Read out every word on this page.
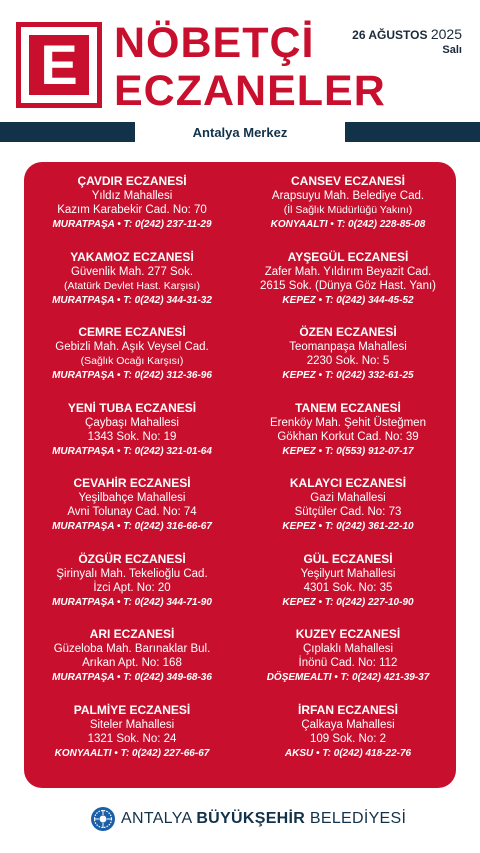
E NÖBETÇİ
ECZANELER
26 AĞUSTOS 2025
Salı
Antalya Merkez
ÇAVDIR ECZANESİ
Yıldız Mahallesi
Kazım Karabekir Cad. No: 70
MURATPAŞA • T: 0(242) 237-11-29
YAKAMOZ ECZANESİ
Güvenlik Mah. 277 Sok.
(Atatürk Devlet Hast. Karşısı)
MURATPAŞA • T: 0(242) 344-31-32
CEMRE ECZANESİ
Gebizli Mah. Aşık Veysel Cad.
(Sağlık Ocağı Karşısı)
MURATPAŞA • T: 0(242) 312-36-96
YENİ TUBA ECZANESİ
Çaybaşı Mahallesi
1343 Sok. No: 19
MURATPAŞA • T: 0(242) 321-01-64
CEVAHİR ECZANESİ
Yeşilbahçe Mahallesi
Avni Tolunay Cad. No: 74
MURATPAŞA • T: 0(242) 316-66-67
ÖZGÜR ECZANESİ
Şirinyalı Mah. Tekelioğlu Cad.
İzci Apt. No: 20
MURATPAŞA • T: 0(242) 344-71-90
ARI ECZANESİ
Güzeloba Mah. Barınaklar Bul.
Arıkan Apt. No: 168
MURATPAŞA • T: 0(242) 349-68-36
PALMİYE ECZANESİ
Siteler Mahallesi
1321 Sok. No: 24
KONYAALTI • T: 0(242) 227-66-67
CANSEV ECZANESİ
Arapsuyu Mah. Belediye Cad.
(İl Sağlık Müdürlüğü Yakını)
KONYAALTI • T: 0(242) 228-85-08
AYŞEGÜL ECZANESİ
Zafer Mah. Yıldırım Beyazit Cad.
2615 Sok. (Dünya Göz Hast. Yanı)
KEPEZ • T: 0(242) 344-45-52
ÖZEN ECZANESİ
Teomanpaşa Mahallesi
2230 Sok. No: 5
KEPEZ • T: 0(242) 332-61-25
TANEM ECZANESİ
Erenköy Mah. Şehit Üsteğmen
Gökhan Korkut Cad. No: 39
KEPEZ • T: 0(553) 912-07-17
KALAYCI ECZANESİ
Gazi Mahallesi
Sütçüler Cad. No: 73
KEPEZ • T: 0(242) 361-22-10
GÜL ECZANESİ
Yeşilyurt Mahallesi
4301 Sok. No: 35
KEPEZ • T: 0(242) 227-10-90
KUZEY ECZANESİ
Çıplaklı Mahallesi
İnönü Cad. No: 112
DÖŞEMEALTI • T: 0(242) 421-39-37
İRFAN ECZANESİ
Çalkaya Mahallesi
109 Sok. No: 2
AKSU • T: 0(242) 418-22-76
ANTALYA BÜYÜKŞEHİR BELEDİYESİ
